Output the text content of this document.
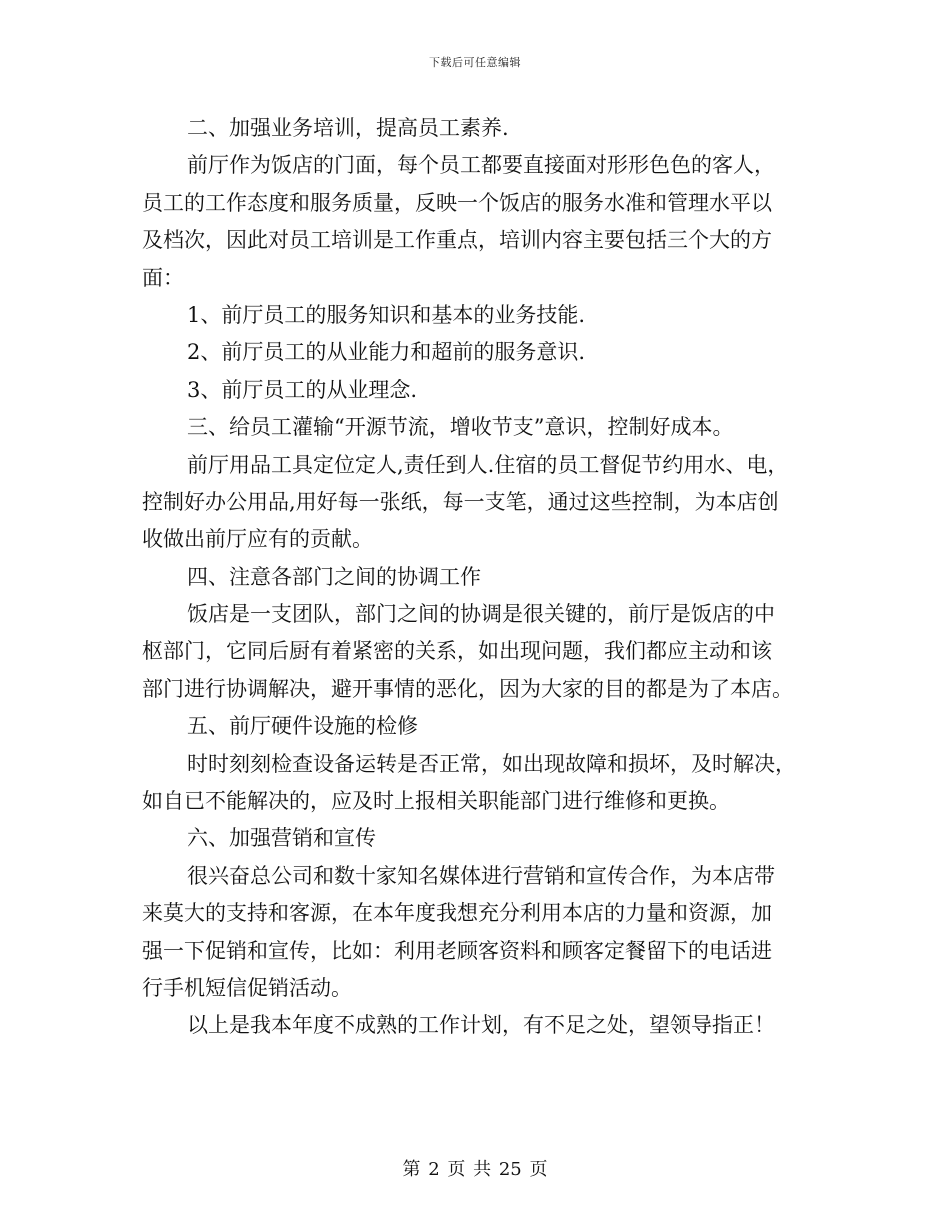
下载后可任意编辑
二、加强业务培训，提高员工素养.
前厅作为饭店的门面，每个员工都要直接面对形形色色的客人，
员工的工作态度和服务质量，反映一个饭店的服务水准和管理水平以
及档次，因此对员工培训是工作重点，培训内容主要包括三个大的方
面：
1、前厅员工的服务知识和基本的业务技能.
2、前厅员工的从业能力和超前的服务意识.
3、前厅员工的从业理念.
三、给员工灌输“开源节流，增收节支”意识，控制好成本。
前厅用品工具定位定人,责任到人.住宿的员工督促节约用水、电，
控制好办公用品,用好每一张纸，每一支笔，通过这些控制，为本店创
收做出前厅应有的贡献。
四、注意各部门之间的协调工作
饭店是一支团队，部门之间的协调是很关键的，前厅是饭店的中
枢部门，它同后厨有着紧密的关系，如出现问题，我们都应主动和该
部门进行协调解决，避开事情的恶化，因为大家的目的都是为了本店。
五、前厅硬件设施的检修
时时刻刻检查设备运转是否正常，如出现故障和损坏，及时解决，
如自已不能解决的，应及时上报相关职能部门进行维修和更换。
六、加强营销和宣传
很兴奋总公司和数十家知名媒体进行营销和宣传合作，为本店带
来莫大的支持和客源，在本年度我想充分利用本店的力量和资源，加
强一下促销和宣传，比如：利用老顾客资料和顾客定餐留下的电话进
行手机短信促销活动。
以上是我本年度不成熟的工作计划，有不足之处，望领导指正！
第 2 页 共 25 页
